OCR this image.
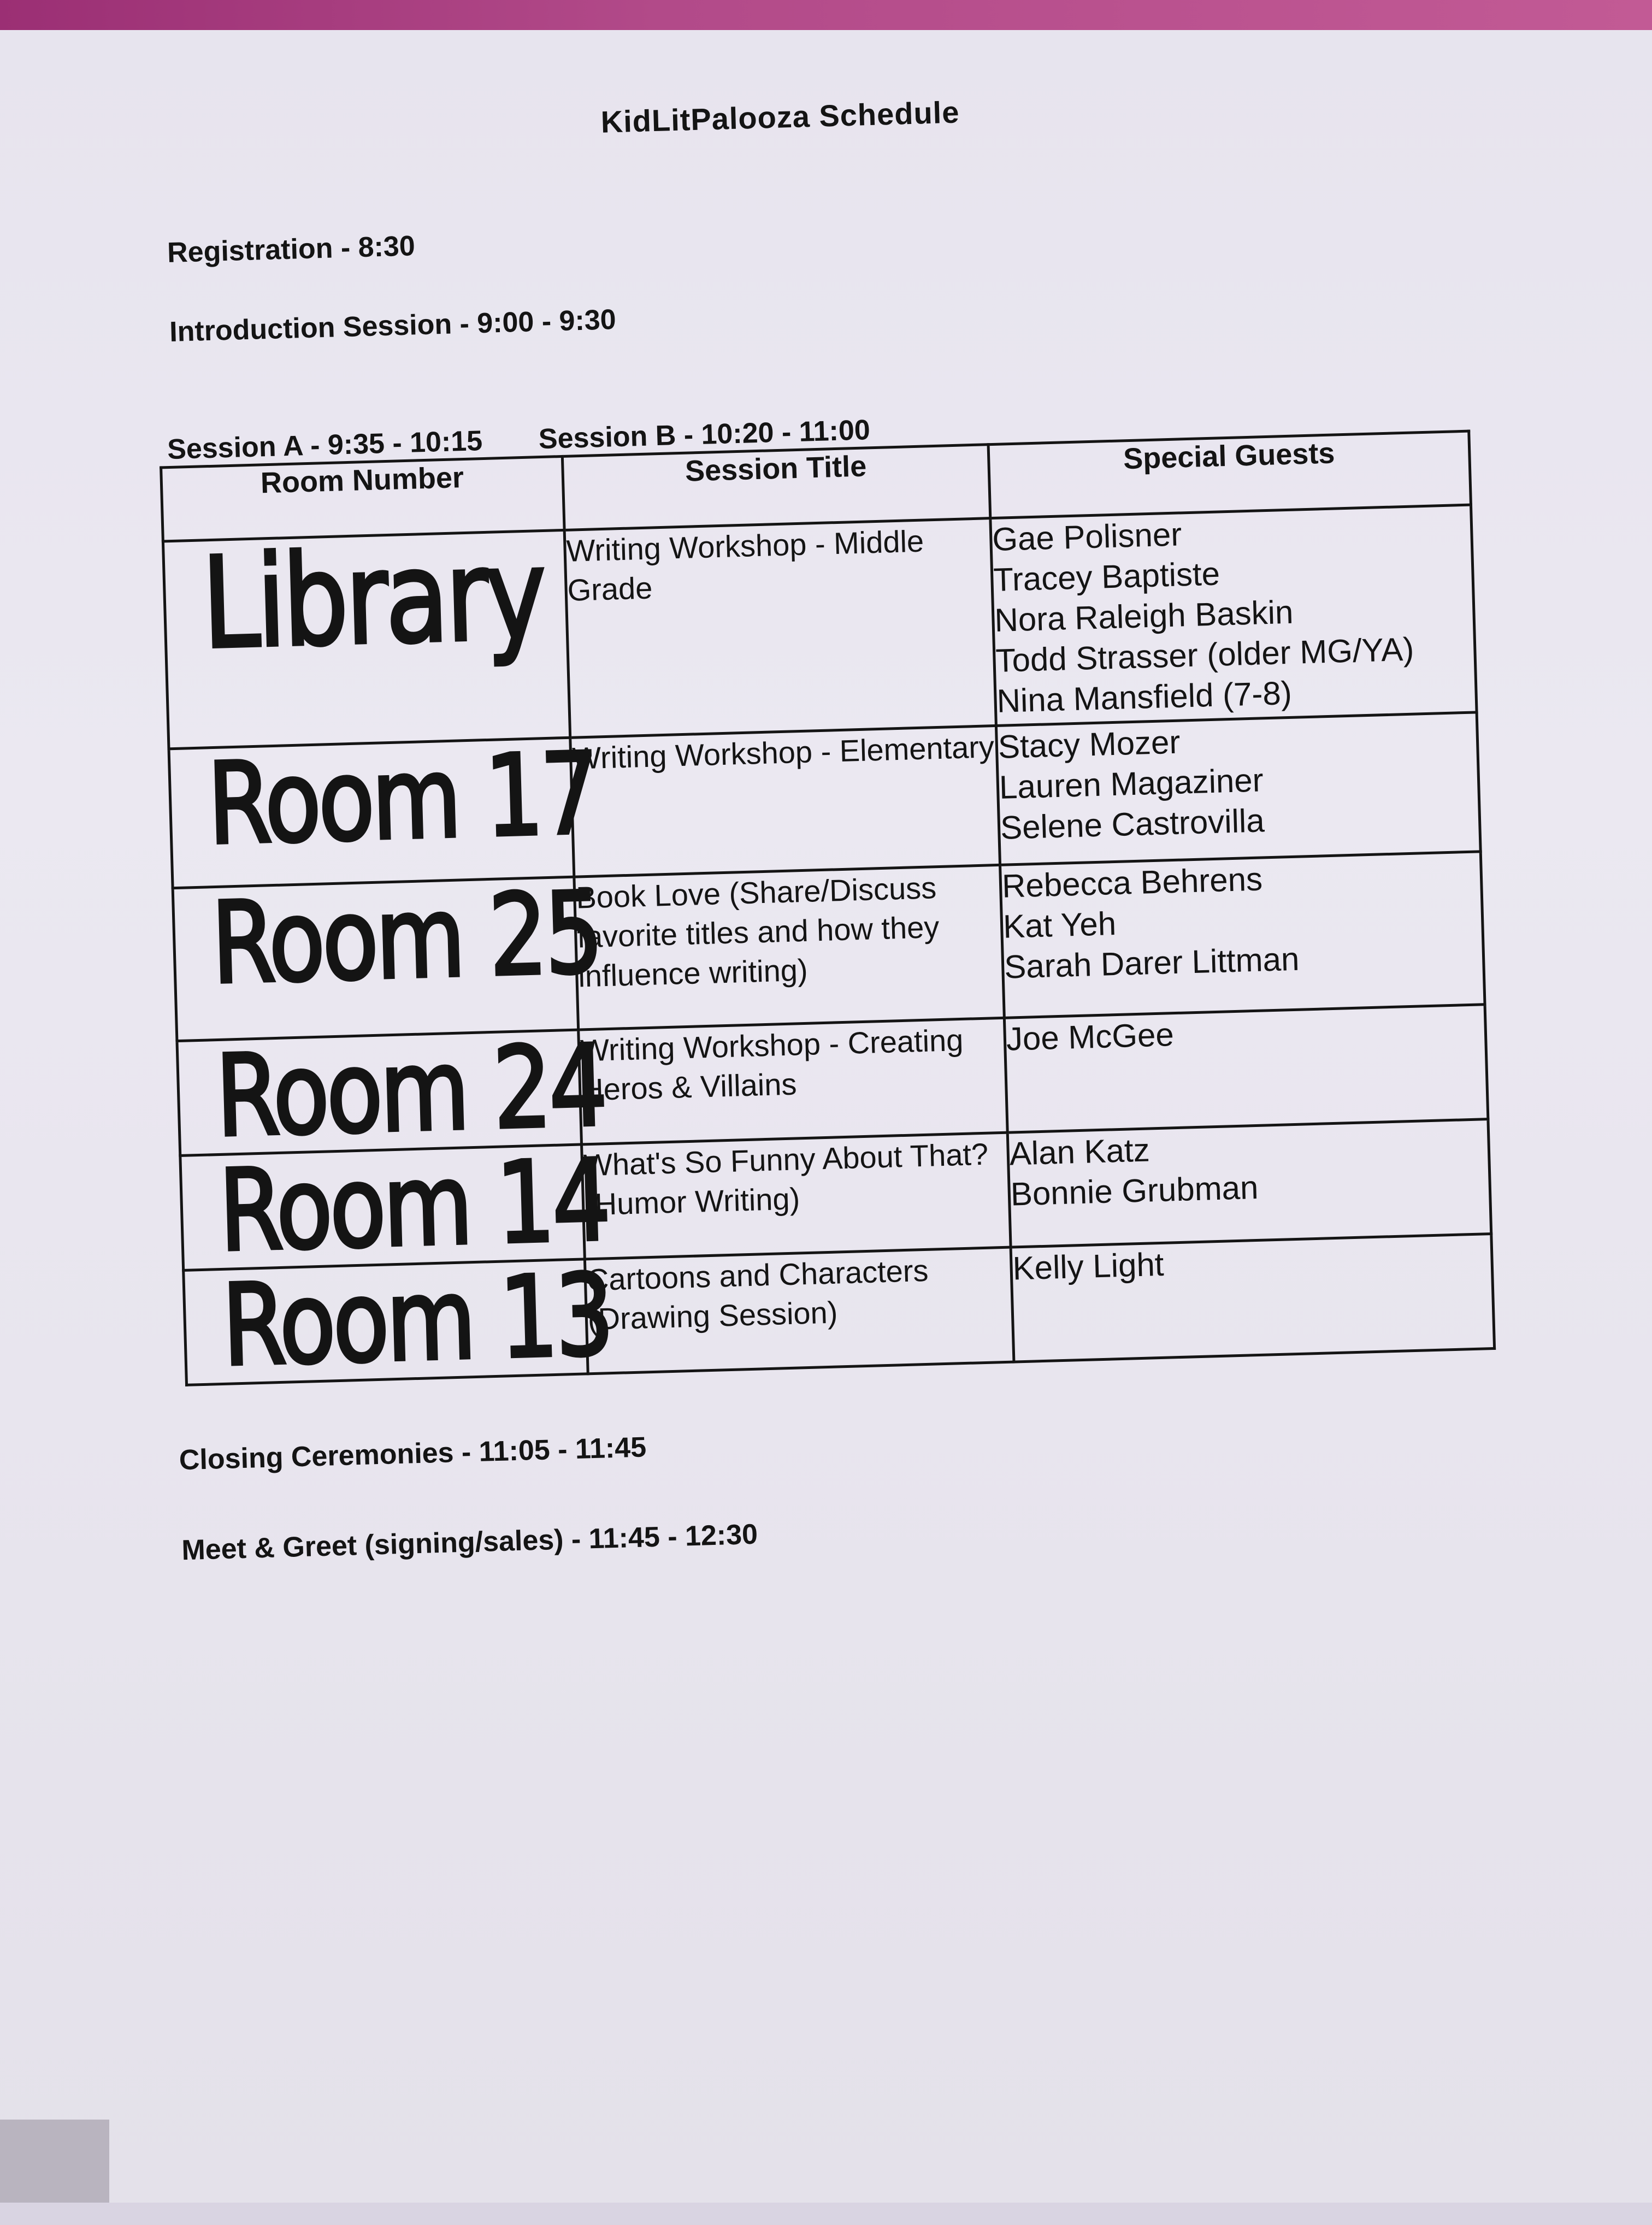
KidLitPalooza Schedule
Registration - 8:30
Introduction Session - 9:00 - 9:30
Session A - 9:35 - 10:15 Session B - 10:20 - 11:00
Room Number	Session Title	Special Guests
Library	Writing Workshop - Middle Grade	Gae Polisner
Tracey Baptiste
Nora Raleigh Baskin
Todd Strasser (older MG/YA)
Nina Mansfield (7-8)

Room 17	Writing Workshop - Elementary	Stacy Mozer
Lauren Magaziner
Selene Castrovilla

Room 25	Book Love (Share/Discuss favorite titles and how they influence writing)	Rebecca Behrens
Kat Yeh
Sarah Darer Littman

Room 24	Writing Workshop - Creating Heros & Villains	Joe McGee

Room 14	What's So Funny About That? (Humor Writing)	Alan Katz
Bonnie Grubman

Room 13	Cartoons and Characters (Drawing Session)	Kelly Light
Closing Ceremonies - 11:05 - 11:45
Meet & Greet (signing/sales) - 11:45 - 12:30
